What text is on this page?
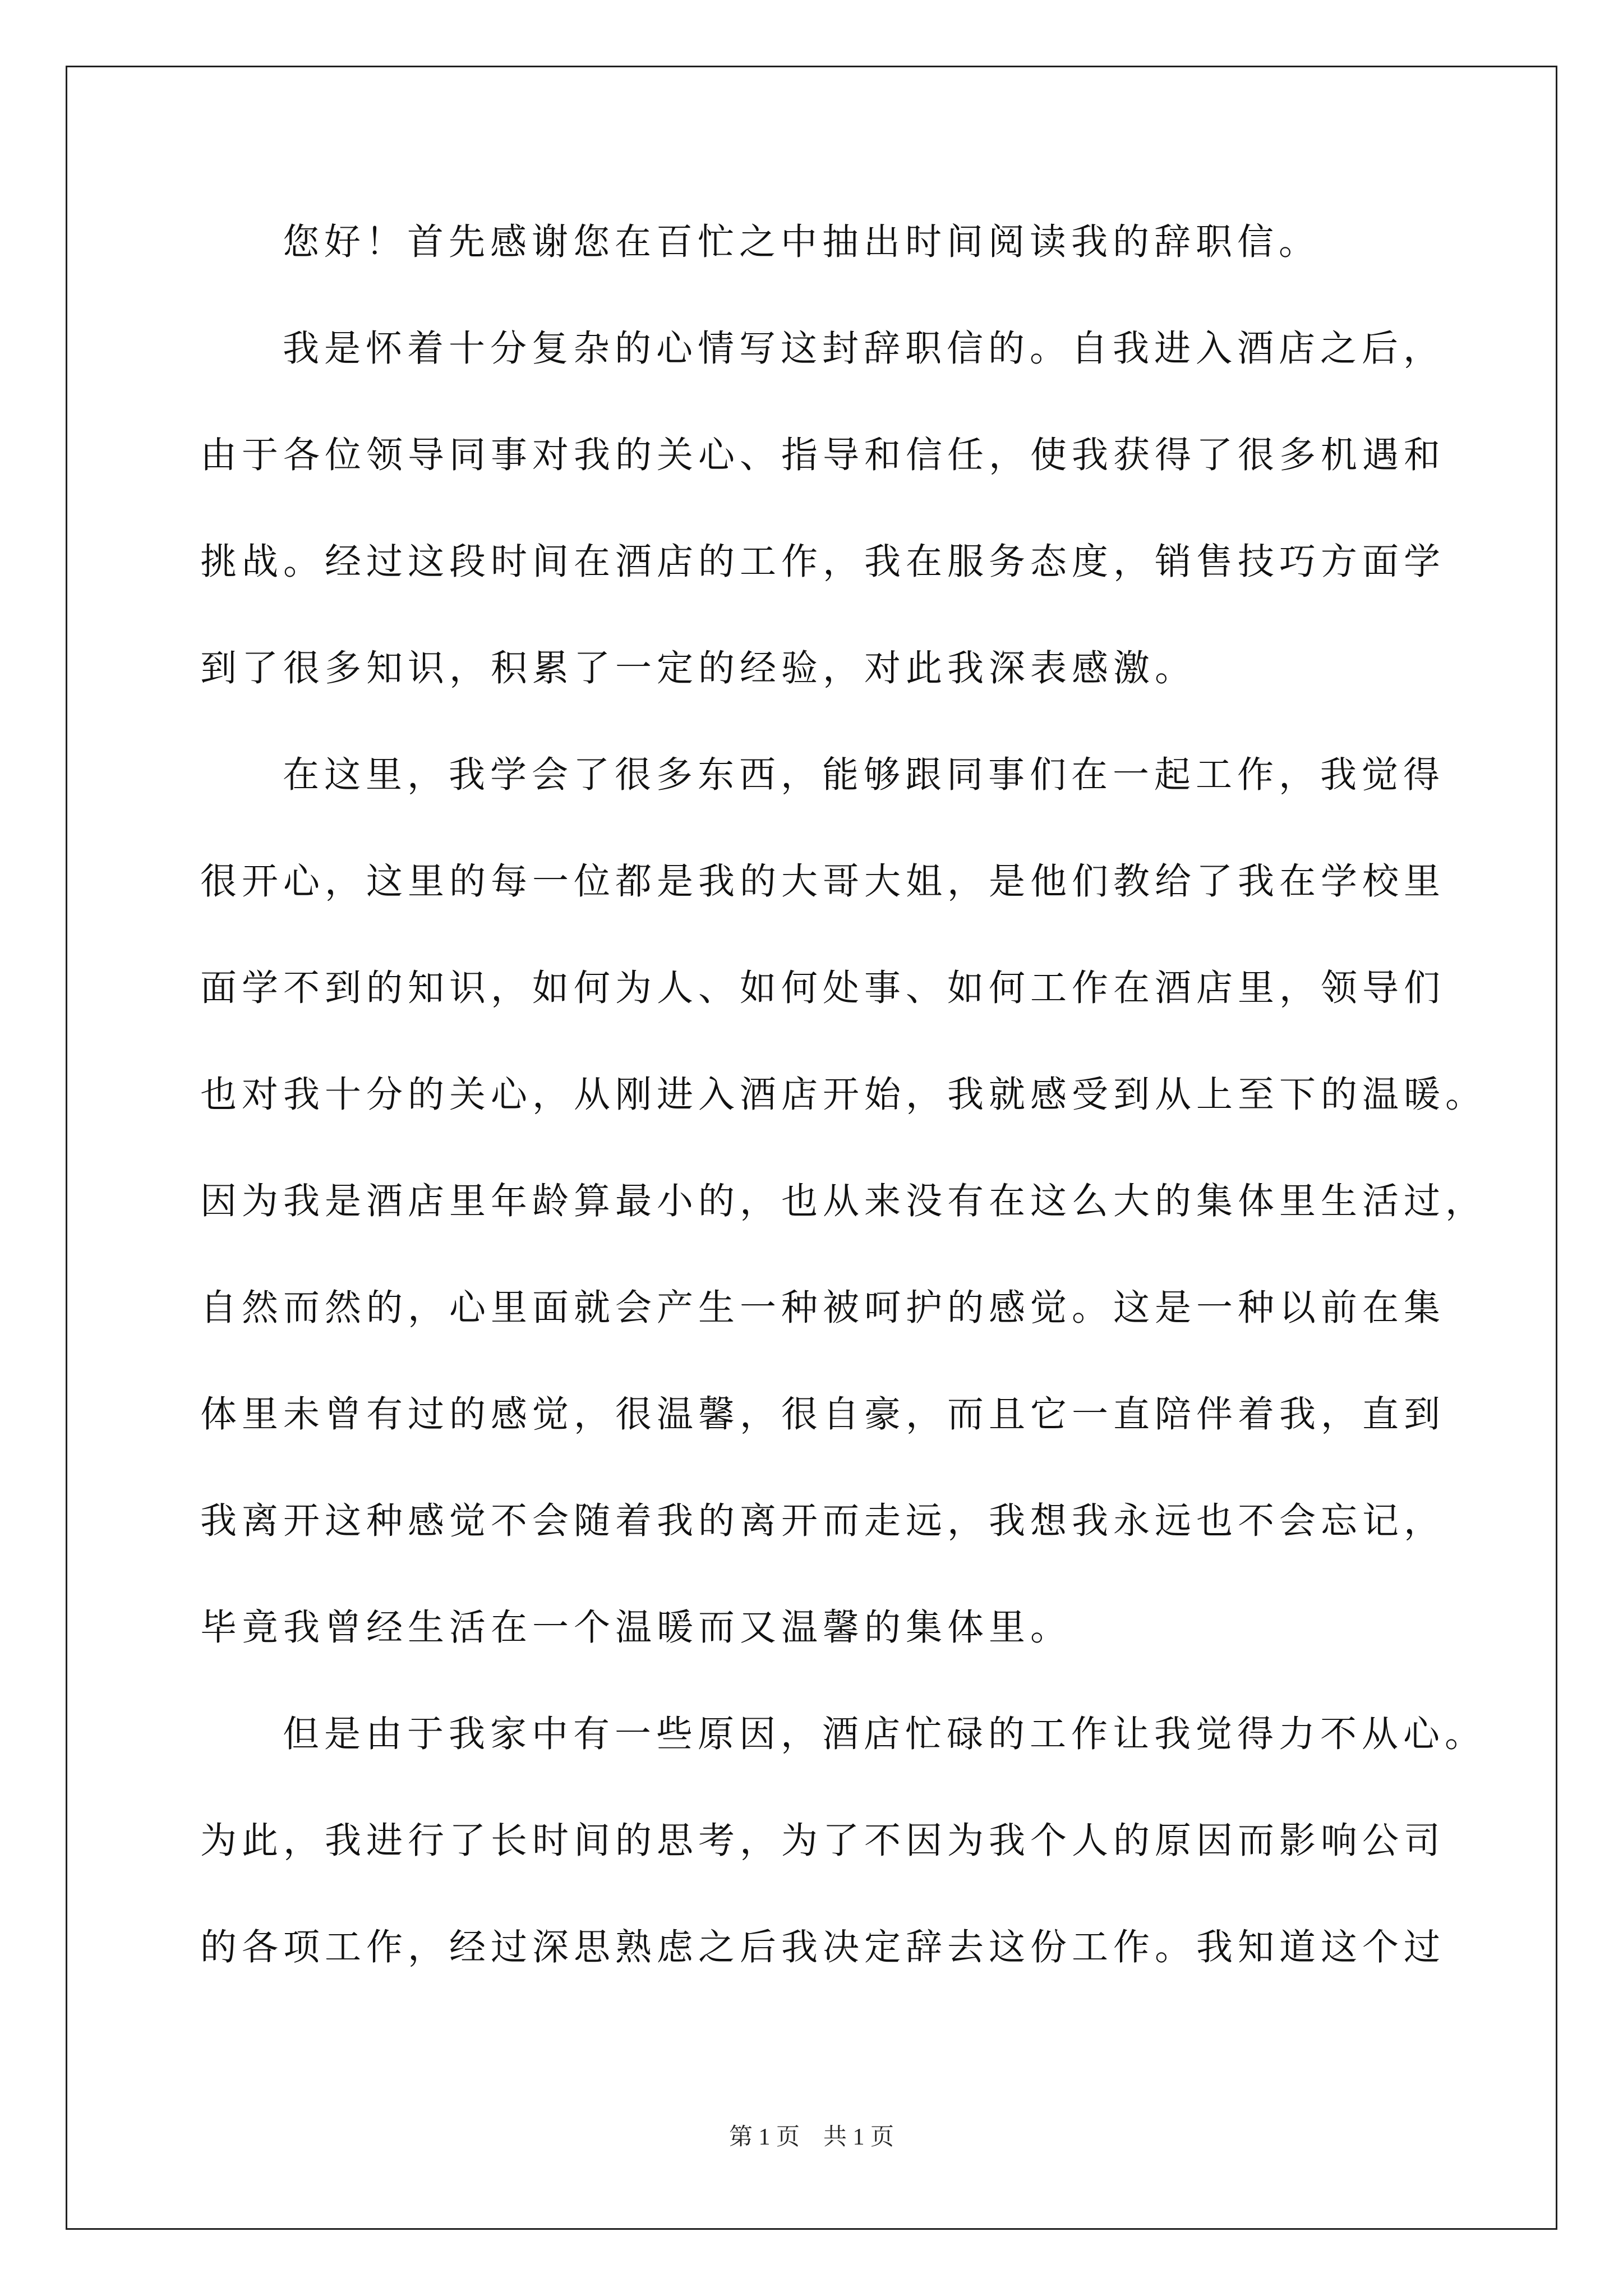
您好！首先感谢您在百忙之中抽出时间阅读我的辞职信。
我是怀着十分复杂的心情写这封辞职信的。自我进入酒店之后，
由于各位领导同事对我的关心、指导和信任，使我获得了很多机遇和
挑战。经过这段时间在酒店的工作，我在服务态度，销售技巧方面学
到了很多知识，积累了一定的经验，对此我深表感激。
在这里，我学会了很多东西，能够跟同事们在一起工作，我觉得
很开心，这里的每一位都是我的大哥大姐，是他们教给了我在学校里
面学不到的知识，如何为人、如何处事、如何工作在酒店里，领导们
也对我十分的关心，从刚进入酒店开始，我就感受到从上至下的温暖。
因为我是酒店里年龄算最小的，也从来没有在这么大的集体里生活过，
自然而然的，心里面就会产生一种被呵护的感觉。这是一种以前在集
体里未曾有过的感觉，很温馨，很自豪，而且它一直陪伴着我，直到
我离开这种感觉不会随着我的离开而走远，我想我永远也不会忘记，
毕竟我曾经生活在一个温暖而又温馨的集体里。
但是由于我家中有一些原因，酒店忙碌的工作让我觉得力不从心。
为此，我进行了长时间的思考，为了不因为我个人的原因而影响公司
的各项工作，经过深思熟虑之后我决定辞去这份工作。我知道这个过
第 1 页　共 1 页
